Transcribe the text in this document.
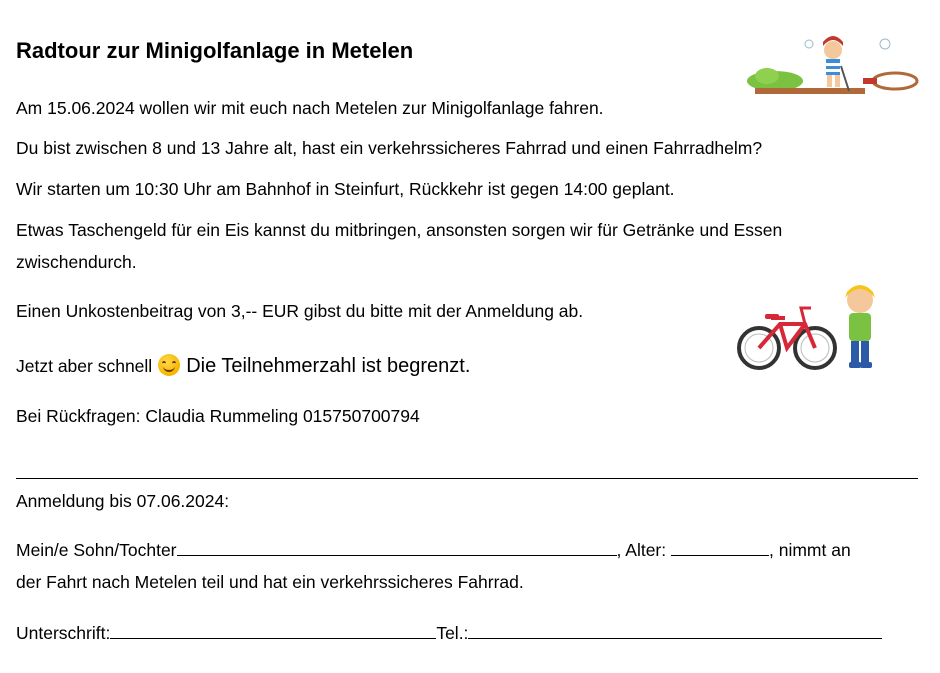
Radtour zur Minigolfanlage in Metelen
Am 15.06.2024 wollen wir mit euch nach Metelen zur Minigolfanlage fahren.
Du bist zwischen 8 und 13 Jahre alt, hast ein verkehrssicheres Fahrrad und einen Fahrradhelm?
Wir starten um 10:30 Uhr am Bahnhof in Steinfurt, Rückkehr ist gegen 14:00 geplant.
Etwas Taschengeld für ein Eis kannst du mitbringen, ansonsten sorgen wir für Getränke und Essen zwischendurch.
Einen Unkostenbeitrag von 3,-- EUR gibst du bitte mit der Anmeldung ab.
Jetzt aber schnell Die Teilnehmerzahl ist begrenzt.
Bei Rückfragen: Claudia Rummeling 015750700794
Anmeldung bis 07.06.2024:
Mein/e Sohn/Tochter	, Alter:	, nimmt an
der Fahrt nach Metelen teil und hat ein verkehrssicheres Fahrrad.
Unterschrift:	Tel.:
